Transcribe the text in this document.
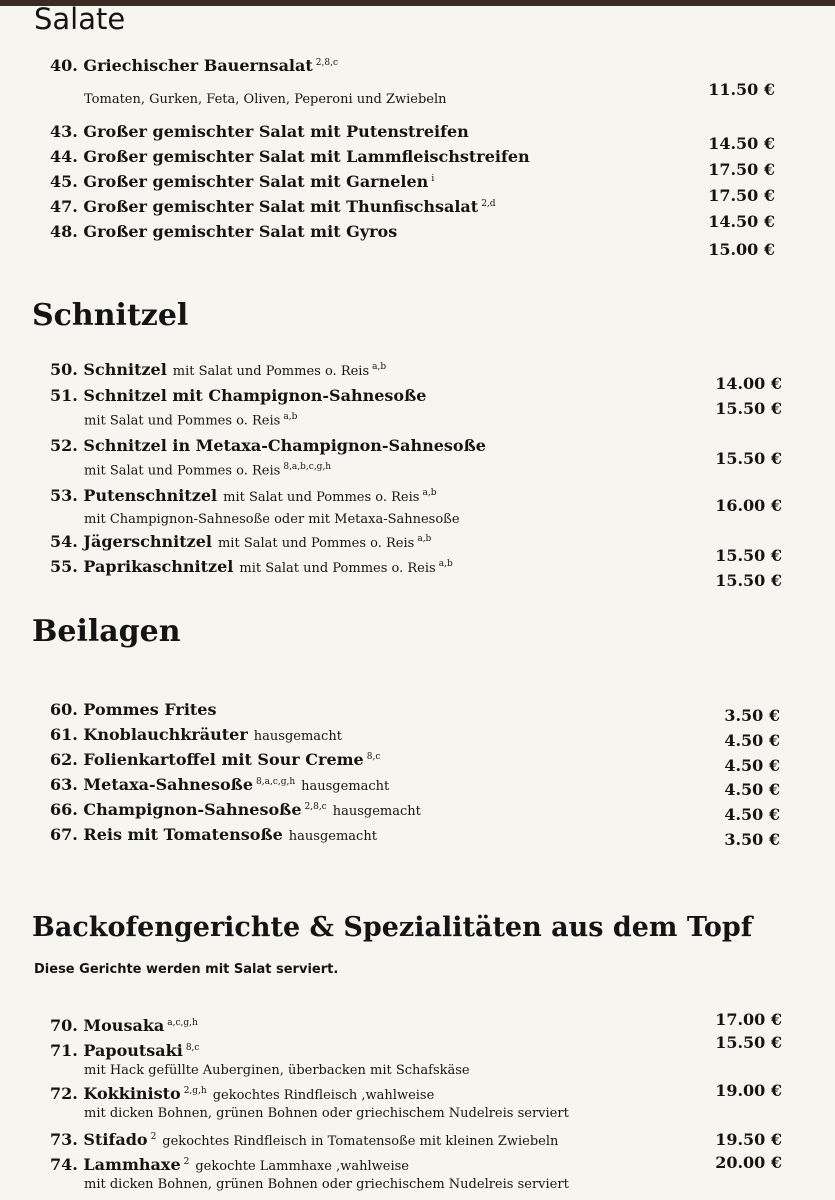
Salate
40. Griechischer Bauernsalat $^{2,8,c}$
Tomaten, Gurken, Feta, Oliven, Peperoni und Zwiebeln
43. Großer gemischter Salat mit Putenstreifen
44. Großer gemischter Salat mit Lammfleischstreifen
45. Großer gemischter Salat mit Garnelen $^i$
47. Großer gemischter Salat mit Thunfischsalat $^{2,d}$
48. Großer gemischter Salat mit Gyros
11.50 €
14.50 €
17.50 €
17.50 €
14.50 €
15.00 €
Schnitzel
50. Schnitzel mit Salat und Pommes o. Reis $^{a,b}$
51. Schnitzel mit Champignon-Sahnesoße
mit Salat und Pommes o. Reis $^{a,b}$
52. Schnitzel in Metaxa-Champignon-Sahnesoße
mit Salat und Pommes o. Reis $^{8,a,b,c,g,h}$
53. Putenschnitzel mit Salat und Pommes o. Reis $^{a,b}$
mit Champignon-Sahnesoße oder mit Metaxa-Sahnesoße
54. Jägerschnitzel mit Salat und Pommes o. Reis $^{a,b}$
55. Paprikaschnitzel mit Salat und Pommes o. Reis $^{a,b}$
14.00 €
15.50 €
15.50 €
16.00 €
15.50 €
15.50 €
Beilagen
60. Pommes Frites
61. Knoblauchkräuter hausgemacht
62. Folienkartoffel mit Sour Creme $^{8,c}$
63. Metaxa-Sahnesoße $^{8,a,c,g,h}$ hausgemacht
66. Champignon-Sahnesoße $^{2,8,c}$ hausgemacht
67. Reis mit Tomatensoße hausgemacht
3.50 €
4.50 €
4.50 €
4.50 €
4.50 €
3.50 €
Backofengerichte & Spezialitäten aus dem Topf
Diese Gerichte werden mit Salat serviert.
70. Mousaka $^{a,c,g,h}$
71. Papoutsaki $^{8,c}$
mit Hack gefüllte Auberginen, überbacken mit Schafskäse
72. Kokkinisto $^{2,g,h}$ gekochtes Rindfleisch ,wahlweise
mit dicken Bohnen, grünen Bohnen oder griechischem Nudelreis serviert
73. Stifado $^2$ gekochtes Rindfleisch in Tomatensoße mit kleinen Zwiebeln
74. Lammhaxe $^2$ gekochte Lammhaxe ,wahlweise
mit dicken Bohnen, grünen Bohnen oder griechischem Nudelreis serviert
17.00 €
15.50 €
19.00 €
19.50 €
20.00 €
